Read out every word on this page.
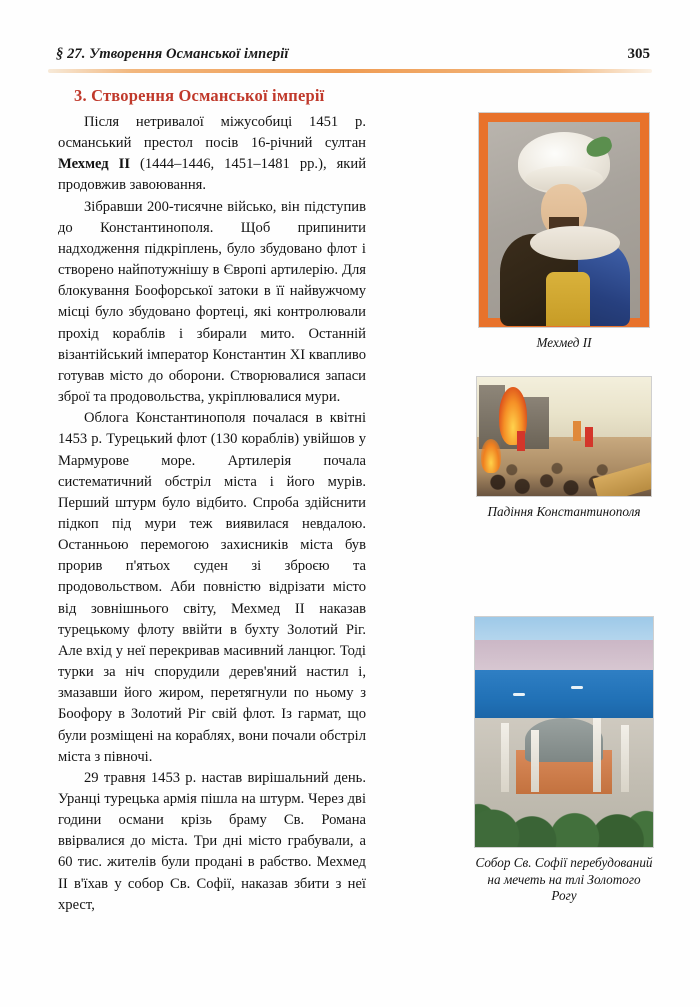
§ 27. Утворення Османської імперії	305
3. Створення Османської імперії

Після нетривалої міжусобиці 1451 р. османський престол посів 16-річний султан Мехмед II (1444–1446, 1451–1481 рр.), який продовжив завоювання.

Зібравши 200-тисячне військо, він підступив до Константинополя. Щоб припинити надходження підкріплень, було збудовано флот і створено найпотужнішу в Європі артилерію. Для блокування Боофорської затоки в її найвужчому місці було збудовано фортеці, які контролювали прохід кораблів і збирали мито. Останній візантійський імператор Константин XI квапливо готував місто до оборони. Створювалися запаси зброї та продовольства, укріплювалися мури.

Облога Константинополя почалася в квітні 1453 р. Турецький флот (130 кораблів) увійшов у Мармурове море. Артилерія почала систематичний обстріл міста і його мурів. Перший штурм було відбито. Спроба здійснити підкоп під мури теж виявилася невдалою. Останньою перемогою захисників міста був прорив п'ятьох суден зі зброєю та продовольством. Аби повністю відрізати місто від зовнішнього світу, Мехмед II наказав турецькому флоту ввійти в бухту Золотий Ріг. Але вхід у неї перекривав масивний ланцюг. Тоді турки за ніч спорудили дерев'яний настил і, змазавши його жиром, перетягнули по ньому з Боофору в Золотий Ріг свій флот. Із гармат, що були розміщені на кораблях, вони почали обстріл міста з півночі.

29 травня 1453 р. настав вирішальний день. Уранці турецька армія пішла на штурм. Через дві години османи крізь браму Св. Романа ввірвалися до міста. Три дні місто грабували, а 60 тис. жителів були продані в рабство. Мехмед II в'їхав у собор Св. Софії, наказав збити з неї хрест,

Мехмед II
Падіння Константинополя
Собор Св. Софії перебудований на мечеть на тлі Золотого Рогу
